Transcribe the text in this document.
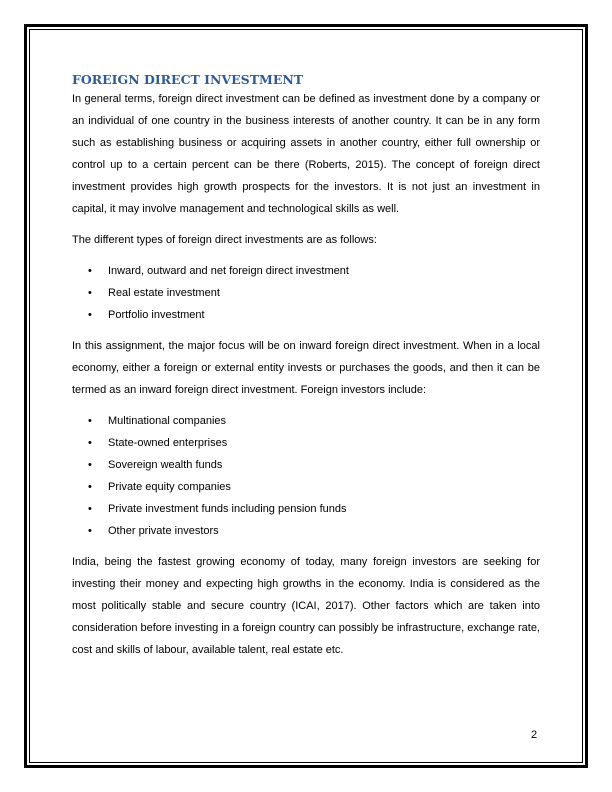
FOREIGN DIRECT INVESTMENT

In general terms, foreign direct investment can be defined as investment done by a company or an individual of one country in the business interests of another country. It can be in any form such as establishing business or acquiring assets in another country, either full ownership or control up to a certain percent can be there (Roberts, 2015). The concept of foreign direct investment provides high growth prospects for the investors. It is not just an investment in capital, it may involve management and technological skills as well.

The different types of foreign direct investments are as follows:

• Inward, outward and net foreign direct investment
• Real estate investment
• Portfolio investment

In this assignment, the major focus will be on inward foreign direct investment. When in a local economy, either a foreign or external entity invests or purchases the goods, and then it can be termed as an inward foreign direct investment. Foreign investors include:

• Multinational companies
• State-owned enterprises
• Sovereign wealth funds
• Private equity companies
• Private investment funds including pension funds
• Other private investors

India, being the fastest growing economy of today, many foreign investors are seeking for investing their money and expecting high growths in the economy. India is considered as the most politically stable and secure country (ICAI, 2017). Other factors which are taken into consideration before investing in a foreign country can possibly be infrastructure, exchange rate, cost and skills of labour, available talent, real estate etc.

2
